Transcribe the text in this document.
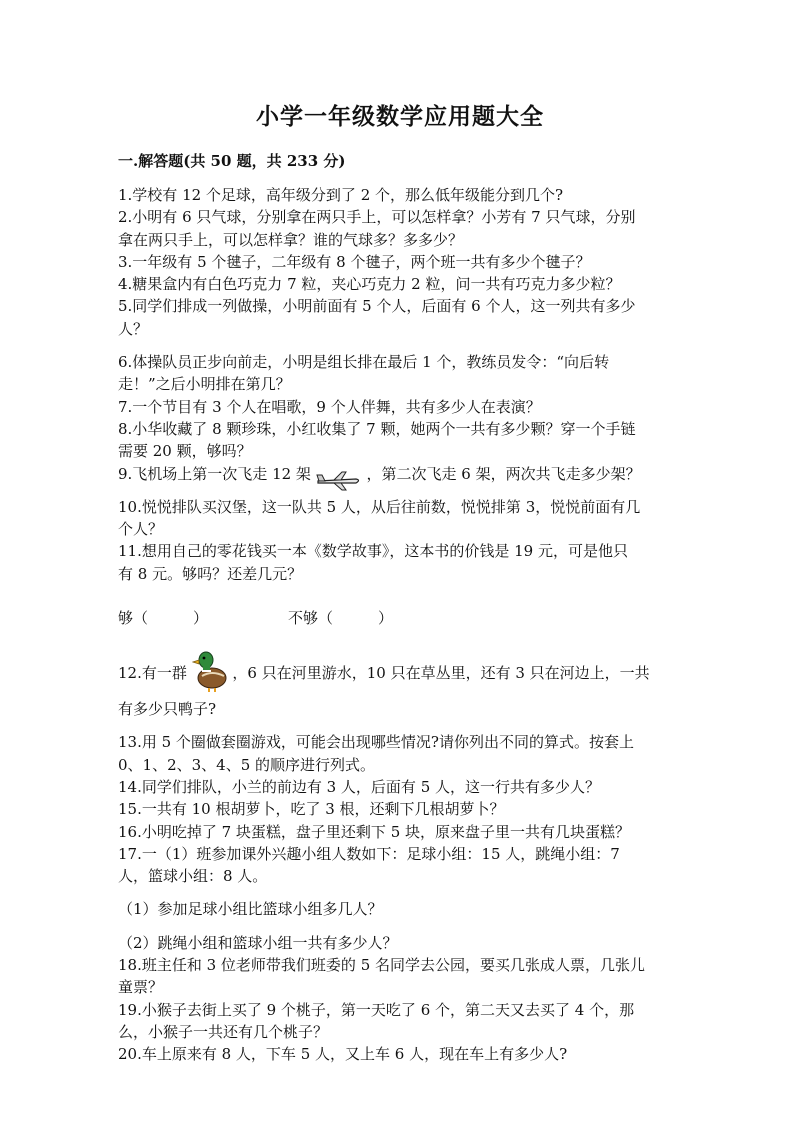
小学一年级数学应用题大全
一.解答题(共 50 题，共 233 分)

1.学校有 12 个足球，高年级分到了 2 个，那么低年级能分到几个?

2.小明有 6 只气球，分别拿在两只手上，可以怎样拿？小芳有 7 只气球，分别

拿在两只手上，可以怎样拿？谁的气球多？多多少？

3.一年级有 5 个毽子，二年级有 8 个毽子，两个班一共有多少个毽子？

4.糖果盒内有白色巧克力 7 粒，夹心巧克力 2 粒，问一共有巧克力多少粒？

5.同学们排成一列做操，小明前面有 5 个人，后面有 6 个人，这一列共有多少

人？

6.体操队员正步向前走，小明是组长排在最后 1 个，教练员发令：“向后转

走！”之后小明排在第几？

7.一个节目有 3 个人在唱歌，9 个人伴舞，共有多少人在表演？

8.小华收藏了 8 颗珍珠，小红收集了 7 颗，她两个一共有多少颗？穿一个手链

需要 20 颗，够吗？

9.飞机场上第一次飞走 12 架	，第二次飞走 6 架，两次共飞走多少架？

10.悦悦排队买汉堡，这一队共 5 人，从后往前数，悦悦排第 3，悦悦前面有几

个人？

11.想用自己的零花钱买一本《数学故事》，这本书的价钱是 19 元，可是他只

有 8 元。够吗？还差几元？

够（　　　）	不够（　　　）
12.有一群	，6 只在河里游水，10 只在草丛里，还有 3 只在河边上，一共

有多少只鸭子?

13.用 5 个圈做套圈游戏，可能会出现哪些情况?请你列出不同的算式。按套上

0、1、2、3、4、5 的顺序进行列式。

14.同学们排队，小兰的前边有 3 人，后面有 5 人，这一行共有多少人？

15.一共有 10 根胡萝卜，吃了 3 根，还剩下几根胡萝卜？

16.小明吃掉了 7 块蛋糕，盘子里还剩下 5 块，原来盘子里一共有几块蛋糕？

17.一（1）班参加课外兴趣小组人数如下：足球小组：15 人，跳绳小组：7

人，篮球小组：8 人。

（1）参加足球小组比篮球小组多几人？

（2）跳绳小组和篮球小组一共有多少人？

18.班主任和 3 位老师带我们班委的 5 名同学去公园，要买几张成人票，几张儿

童票？

19.小猴子去街上买了 9 个桃子，第一天吃了 6 个，第二天又去买了 4 个，那

么，小猴子一共还有几个桃子？

20.车上原来有 8 人，下车 5 人，又上车 6 人，现在车上有多少人?
